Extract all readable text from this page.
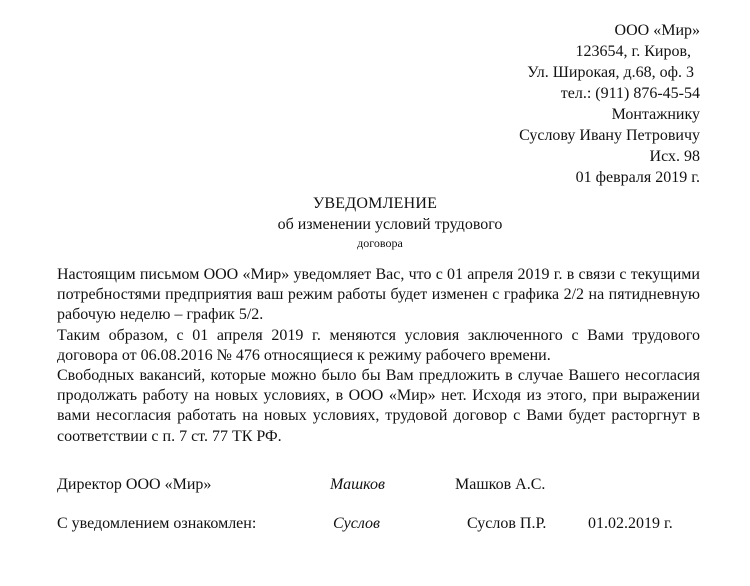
ООО «Мир»
123654, г. Киров,
Ул. Широкая, д.68, оф. 3
тел.: (911) 876-45-54
Монтажнику
Суслову Ивану Петровичу
Исх. 98
01 февраля 2019 г.
УВЕДОМЛЕНИЕ
об изменении условий трудового
договора

Настоящим письмом ООО «Мир» уведомляет Вас, что с 01 апреля 2019 г. в связи с текущими потребностями предприятия ваш режим работы будет изменен с графика 2/2 на пятидневную рабочую неделю – график 5/2.

Таким образом, с 01 апреля 2019 г. меняются условия заключенного с Вами трудового договора от 06.08.2016 № 476 относящиеся к режиму рабочего времени.

Свободных вакансий, которые можно было бы Вам предложить в случае Вашего несогласия продолжать работу на новых условиях, в ООО «Мир» нет. Исходя из этого, при выражении вами несогласия работать на новых условиях, трудовой договор с Вами будет расторгнут в соответствии с п. 7 ст. 77 ТК РФ.

Директор ООО «Мир»	Машков	Машков А.С.
С уведомлением ознакомлен:	Суслов	Суслов П.Р.	01.02.2019 г.
